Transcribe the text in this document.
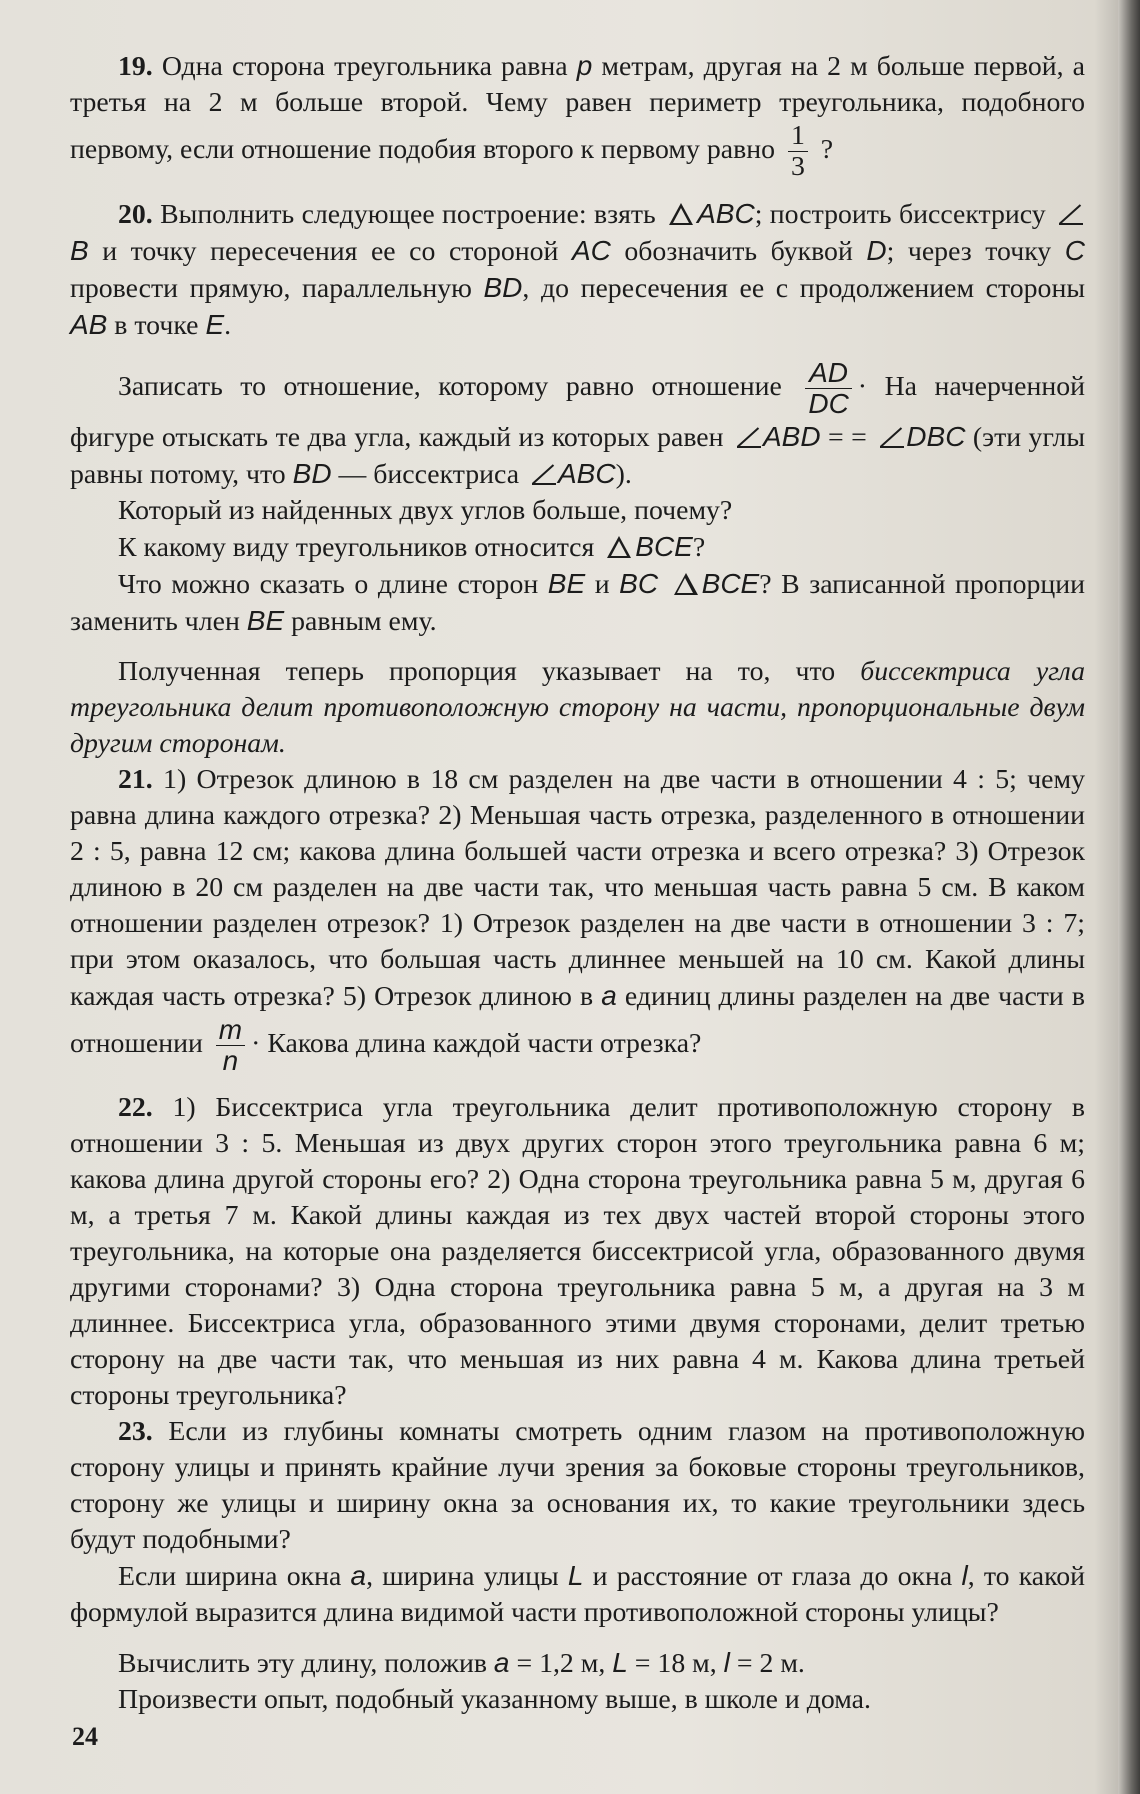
19. Одна сторона треугольника равна p метрам, другая на 2 м больше первой, а третья на 2 м больше второй. Чему равен периметр треугольника, подобного первому, если отношение подобия второго к первому равно $\frac{1}{3}$ ?

20. Выполнить следующее построение: взять ABC; построить биссектрису B и точку пересечения ее со стороной AC обозначить буквой D; через точку C провести прямую, параллельную BD, до пересечения ее с продолжением стороны AB в точке E.

Записать то отношение, которому равно отношение $\frac{AD}{DC}$ · На начерченной фигуре отыскать те два угла, каждый из которых равен ABD = = DBC (эти углы равны потому, что BD — биссектриса ABC).

Который из найденных двух углов больше, почему?

К какому виду треугольников относится BCE?

Что можно сказать о длине сторон BE и BC BCE? В записанной пропорции заменить член BE равным ему.

Полученная теперь пропорция указывает на то, что биссектриса угла треугольника делит противоположную сторону на части, пропорциональные двум другим сторонам.

21. 1) Отрезок длиною в 18 см разделен на две части в отношении 4 : 5; чему равна длина каждого отрезка? 2) Меньшая часть отрезка, разделенного в отношении 2 : 5, равна 12 см; какова длина большей части отрезка и всего отрезка? 3) Отрезок длиною в 20 см разделен на две части так, что меньшая часть равна 5 см. В каком отношении разделен отрезок? 1) Отрезок разделен на две части в отношении 3 : 7; при этом оказалось, что большая часть длиннее меньшей на 10 см. Какой длины каждая часть отрезка? 5) Отрезок длиною в a единиц длины разделен на две части в отношении $\frac{m}{n}$ · Какова длина каждой части отрезка?

22. 1) Биссектриса угла треугольника делит противоположную сторону в отношении 3 : 5. Меньшая из двух других сторон этого треугольника равна 6 м; какова длина другой стороны его? 2) Одна сторона треугольника равна 5 м, другая 6 м, а третья 7 м. Какой длины каждая из тех двух частей второй стороны этого треугольника, на которые она разделяется биссектрисой угла, образованного двумя другими сторонами? 3) Одна сторона треугольника равна 5 м, а другая на 3 м длиннее. Биссектриса угла, образованного этими двумя сторонами, делит третью сторону на две части так, что меньшая из них равна 4 м. Какова длина третьей стороны треугольника?

23. Если из глубины комнаты смотреть одним глазом на противоположную сторону улицы и принять крайние лучи зрения за боковые стороны треугольников, сторону же улицы и ширину окна за основания их, то какие треугольники здесь будут подобными?

Если ширина окна a, ширина улицы L и расстояние от глаза до окна l, то какой формулой выразится длина видимой части противоположной стороны улицы?

Вычислить эту длину, положив a = 1,2 м, L = 18 м, l = 2 м.

Произвести опыт, подобный указанному выше, в школе и дома.

24
